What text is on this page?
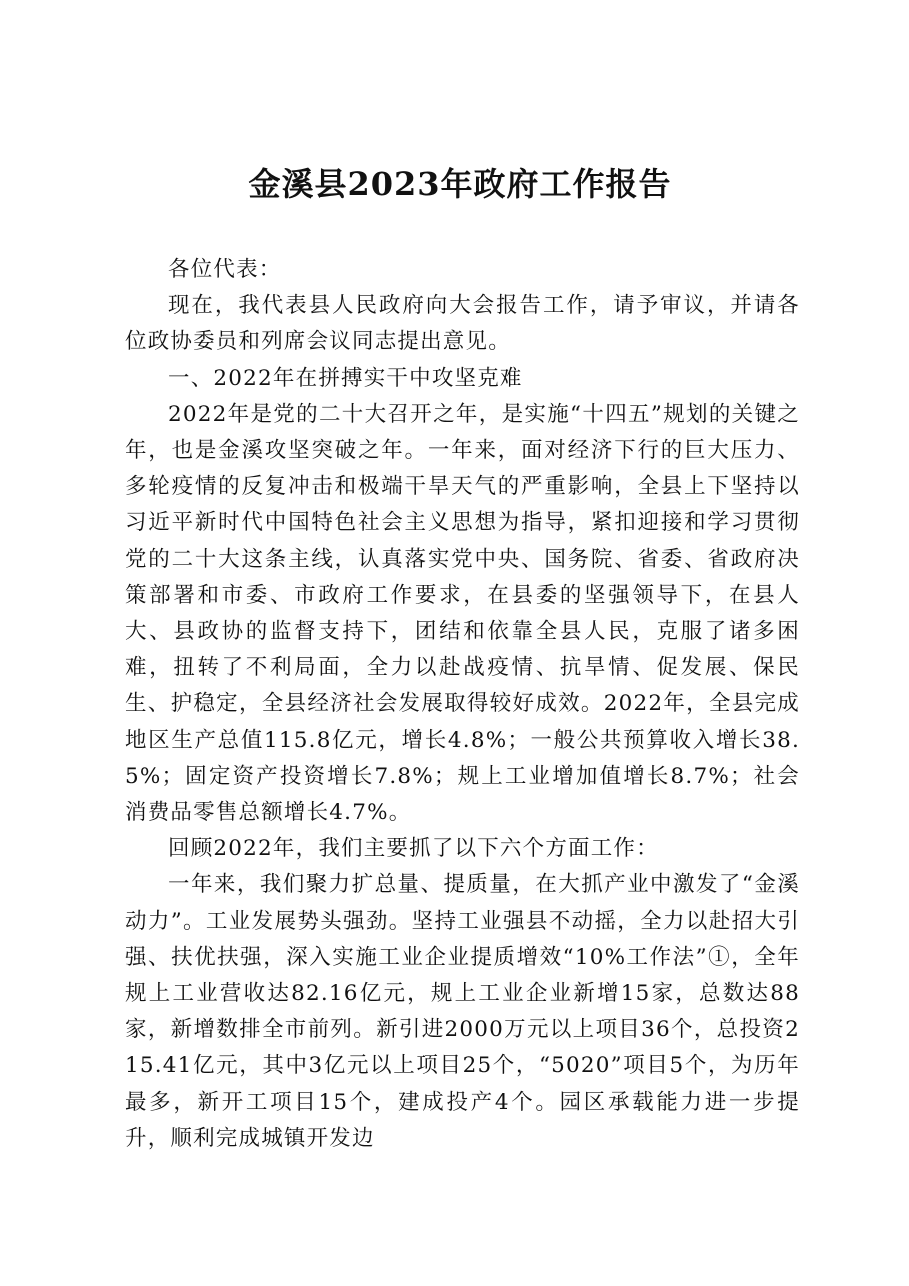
金溪县2023年政府工作报告

各位代表：

现在，我代表县人民政府向大会报告工作，请予审议，并请各位政协委员和列席会议同志提出意见。

一、2022年在拼搏实干中攻坚克难

2022年是党的二十大召开之年，是实施“十四五”规划的关键之年，也是金溪攻坚突破之年。一年来，面对经济下行的巨大压力、多轮疫情的反复冲击和极端干旱天气的严重影响，全县上下坚持以习近平新时代中国特色社会主义思想为指导，紧扣迎接和学习贯彻党的二十大这条主线，认真落实党中央、国务院、省委、省政府决策部署和市委、市政府工作要求，在县委的坚强领导下，在县人大、县政协的监督支持下，团结和依靠全县人民，克服了诸多困难，扭转了不利局面，全力以赴战疫情、抗旱情、促发展、保民生、护稳定，全县经济社会发展取得较好成效。2022年，全县完成地区生产总值115.8亿元，增长4.8%；一般公共预算收入增长38.5%；固定资产投资增长7.8%；规上工业增加值增长8.7%；社会消费品零售总额增长4.7%。

回顾2022年，我们主要抓了以下六个方面工作：

一年来，我们聚力扩总量、提质量，在大抓产业中激发了“金溪动力”。工业发展势头强劲。坚持工业强县不动摇，全力以赴招大引强、扶优扶强，深入实施工业企业提质增效“10%工作法”①，全年规上工业营收达82.16亿元，规上工业企业新增15家，总数达88家，新增数排全市前列。新引进2000万元以上项目36个，总投资215.41亿元，其中3亿元以上项目25个，“5020”项目5个，为历年最多，新开工项目15个，建成投产4个。园区承载能力进一步提升，顺利完成城镇开发边
